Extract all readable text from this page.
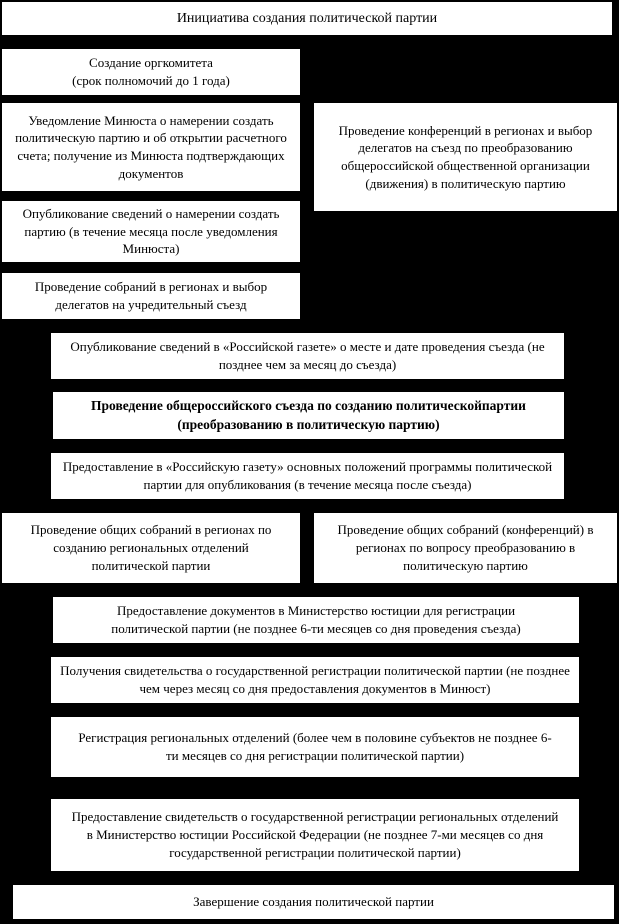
Инициатива создания политической партии
Создание оргкомитета
(срок полномочий до 1 года)
Уведомление Минюста о намерении создать политическую партию и об открытии расчетного счета; получение из Минюста подтверждающих документов
Проведение конференций в регионах и выбор делегатов на съезд по преобразованию общероссийской общественной организации (движения) в политическую партию
Опубликование сведений о намерении создать партию (в течение месяца после уведомления Минюста)
Проведение собраний в регионах и выбор делегатов на учредительный съезд
Опубликование сведений в «Российской газете» о месте и дате проведения съезда (не позднее чем за месяц до съезда)
Проведение общероссийского съезда по созданию политическойпартии (преобразованию в политическую партию)
Предоставление в «Российскую газету» основных положений программы политической партии для опубликования (в течение месяца после съезда)
Проведение общих собраний в регионах по созданию региональных отделений политической партии
Проведение общих собраний (конференций) в регионах по вопросу преобразованию в политическую партию
Предоставление документов в Министерство юстиции для регистрации политической партии (не позднее 6-ти месяцев со дня проведения съезда)
Получения свидетельства о государственной регистрации политической партии (не позднее чем через месяц со дня предоставления документов в Минюст)
Регистрация региональных отделений (более чем в половине субъектов не позднее 6-ти месяцев со дня регистрации политической партии)
Предоставление свидетельств о государственной регистрации региональных отделений в Министерство юстиции Российской Федерации (не позднее 7-ми месяцев со дня государственной регистрации политической партии)
Завершение создания политической партии
